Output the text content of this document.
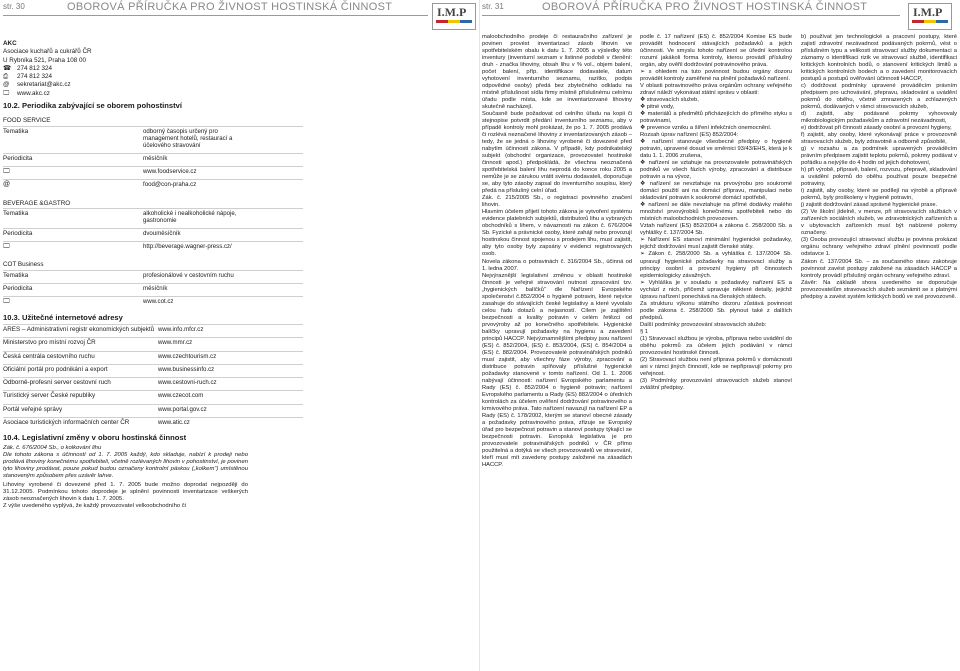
str. 30	OBOROVÁ PŘÍRUČKA PRO ŽIVNOST HOSTINSKÁ ČINNOST	I.M.P
AKC
Asociace kuchařů a cukrářů ČR
U Rybníka 521, Praha 108 00
☎ 274 812 324
⎙ 274 812 324
@ sekretariat@akc.cz
🖵 www.akc.cz
10.2. Periodika zabývající se oborem pohostinství
FOOD SERVICE
Tematika	odborný časopis určený pro management hotelů, restaurací a účelového stravování
Periodicita	měsíčník
🖵	www.foodservice.cz
@	food@con-praha.cz
BEVERAGE &GASTRO
Tematika	alkoholické i nealkoholické nápoje, gastronomie
Periodicita	dvouměsíčník
🖵	http://beverage.wagner-press.cz/
COT Business
Tematika	profesionálové v cestovním ruchu
Periodicita	měsíčník
🖵	www.cot.cz
10.3. Užitečné internetové adresy
ARES – Administrativní registr ekonomických subjektů www.info.mfcr.cz
Ministerstvo pro místní rozvoj ČR	www.mmr.cz
Česká centrála cestovního ruchu	www.czechtourism.cz
Oficiální portál pro podnikání a export	www.businessinfo.cz
Odborně-profesní server cestovní ruch	www.cestovni-ruch.cz
Turistický server České republiky	www.czecot.com
Portál veřejné správy	www.portal.gov.cz
Asociace turistických informačních center ČR	www.atic.cz
10.4. Legislativní změny v oboru hostinská činnost

Zák. č. 676/2004 Sb., o kolkování lihu
Dle tohoto zákona s účinností od 1. 7. 2005 každý, kdo skladuje, nabízí k prodeji nebo prodává lihoviny konečnému spotřebiteli, včetně rozlévaných lihovin v pohostinství, je povinen tyto lihoviny prodávat, pouze pokud budou označeny kontrolní páskou („kolkem“) umístěnou stanoveným způsobem přes uzávěr lahve.

Lihoviny vyrobené či dovezené před 1. 7. 2005 bude možno doprodat nejpozději do 31.12.2005. Podmínkou tohoto doprodeje je splnění povinnosti inventarizace veškerých zásob neoznačených lihovin k datu 1. 7. 2005.
Z výše uvedeného vyplývá, že každý provozovatel velkoobchodního či

str. 31	OBOROVÁ PŘÍRUČKA PRO ŽIVNOST HOSTINSKÁ ČINNOST	I.M.P

maloobchodního prodeje či restauračního zařízení je povinen provést inventarizaci zásob lihovin ve spotřebitelském obalu k datu 1. 7. 2005 a výsledky této inventury (inventurní seznam v listinné podobě v členění: druh - značka lihoviny, obsah lihu v % vol., objem balení, počet balení, příp. identifikace dodavatele, datum vyhotovení inventurního seznamu, razítko, podpis odpovědné osoby) předá bez zbytečného odkladu na místně příslušnost sídla firmy místně příslušnému celnímu úřadu podle místa, kde se inventarizované lihoviny skutečně nacházejí.
Současně bude požadovat od celního úřadu na kopii či stejnopise potvrdit předání inventurního seznamu, aby v případě kontroly mohl prokázat, že po 1. 7. 2005 prodává či rozlévá neznačené lihoviny z inventarizovaných zásob – tedy, že se jedná o lihoviny vyrobené či dovezené před nabytím účinnosti zákona. V případě, kdy podnikatelský subjekt (obchodní organizace, provozovatel hostinské činnosti apod.) předpokládá, že všechna neoznačená spotřebitelská balení lihu neprodá do konce roku 2005 a nemůže je se zárukou vrátit svému dodavateli, doporučuje se, aby tyto zásoby zapsal do inventurního soupisu, který předá na příslušný celní úřad.
Zák. č. 215/2005 Sb., o registraci povinného značení lihovin.
Hlavním účelem přijetí tohoto zákona je vytvoření systému evidence platebních subjektů, distributorů lihu a vybraných obchodníků s lihem, v návaznosti na zákon č. 676/2004 Sb. Fyzické a právnické osoby, které zahájí nebo provozují hostinskou činnost spojenou s prodejem lihu, musí zajistit, aby tyto osoby byly zapsány v evidenci registrovaných osob.
Novela zákona o potravinách č. 316/2004 Sb., účinná od 1. ledna 2007.
Nejvýraznější legislativní změnou v oblasti hostinské činnosti je veřejné stravování nutnost zpracování tzv. „hygienických balíčků“ dle Nařízení Evropského společenství č.852/2004 o hygieně potravin, které nejvíce zasahuje do stávajících české legislativy a které vyvolalo celou řadu dotazů a nejasností. Cílem je zajištění bezpečnosti a kvality potravin v celém řetězci od prvovýroby až po konečného spotřebitele. Hygienické balíčky upravují požadavky na hygienu a zavedení principů HACCP. Nejvýznamnějšími předpisy jsou nařízení (ES) č. 852/2004, (ES) č. 853/2004, (ES) č. 854/2004 a (ES) č. 882/2004. Provozovatelé potravinářských podniků musí zajistit, aby všechny fáze výroby, zpracování a distribuce potravin splňovaly příslušné hygienické požadavky stanovené v tomto nařízení. Od 1. 1. 2006 nabývají účinnosti: nařízení Evropského parlamentu a Rady (ES) č. 852/2004 o hygieně potravin; nařízení Evropského parlamentu a Rady (ES) 882/2004 o úředních kontrolách za účelem ověření dodržování potravinového a krmivového práva. Tato nařízení navazují na nařízení EP a Rady (ES) č. 178/2002, kterým se stanoví obecné zásady a požadavky potravinového práva, zřizuje se Evropský úřad pro bezpečnost potravin a stanoví postupy týkající se bezpečnosti potravin. Evropská legislativa je pro provozovatele potravinářských podniků v ČR přímo použitelná a dotýká se všech provozovatelů ve stravování, kteří musí mít zavedeny postupy založené na zásadách HACCP.

podle č. 17 nařízení (ES) č. 852/2004 Komise ES bude provádět hodnocení stávajících požadavků a jejich účinnosti. Ve smyslu tohoto nařízení se úřední kontrolou rozumí jakákoli forma kontroly, kterou provádí příslušný orgán, aby ověřil dodržování potravinového práva.
➢ s ohledem na tuto povinnost budou orgány dozoru provádět kontroly zaměřené na plnění požadavků nařízení.
V oblasti potravinového práva orgánům ochrany veřejného zdraví náleží vykonávat státní správu v oblasti:
❖ stravovacích služeb,
❖ pitné vody,
❖ materiálů a předmětů přicházejících do přímého styku s potravinami,
❖ prevence vzniku a šíření infekčních onemocnění.
Rozsah úprav nařízení (ES) 852/2004:
❖ nařízení stanovuje všeobecné předpisy o hygieně potravin, upravené dosud ve směrnici 93/43/EHS, která je k datu 1. 1. 2006 zrušena,
❖ nařízení se vztahuje na provozovatele potravinářských podniků ve všech fázích výroby, zpracování a distribuce potravin a na vývoz,
❖ nařízení se nevztahuje na prvovýrobu pro soukromé domácí použití ani na domácí přípravu, manipulaci nebo skladování potravin k soukromé domácí spotřebě,
❖ nařízení se dále nevztahuje na přímé dodávky malého množství prvovýrobků konečnému spotřebiteli nebo do místních maloobchodních provozoven.
Vztah nařízení (ES) 852/2004 a zákona č. 258/2000 Sb. a vyhlášky č. 137/2004 Sb.
➢ Nařízení ES stanoví minimální hygienické požadavky, jejichž dodržování musí zajistit členské státy.
➢ Zákon č. 258/2000 Sb. a vyhláška č. 137/2004 Sb. upravují hygienické požadavky na stravovací služby a principy osobní a provozní hygieny při činnostech epidemiologicky závažných.
➢ Vyhláška je v souladu s požadavky nařízení ES a vychází z nich, přičemž upravuje některé detaily, jejichž úpravu nařízení ponechává na členských státech.
Za strukturu výkonu státního dozoru zůstává povinnost podle zákona č. 258/2000 Sb. plynout také z dalších předpisů.
Další podmínky provozování stravovacích služeb:
§ 1
(1) Stravovací službou je výroba, příprava nebo uvádění do oběhu pokrmů za účelem jejich podávání v rámci provozování hostinské činnosti.
(2) Stravovací službou není příprava pokrmů v domácnosti ani v rámci jiných činností, kde se nepřipravují pokrmy pro veřejnost.
(3) Podmínky provozování stravovacích služeb stanoví zvláštní předpisy.

b) používat jen technologické a pracovní postupy, které zajistí zdravotní nezávadnost podávaných pokrmů, vést o příslušném typu a velikosti stravovací služby dokumentaci a záznamy o identifikaci rizik ve stravovací službě, identifikaci kritických kontrolních bodů, o stanovení kritických limitů a kritických kontrolních bodech a o zavedení monitorovacích postupů a postupů ověřování účinnosti HACCP,
c) dodržovat podmínky upravené prováděcím právním předpisem pro uchovávání, přepravu, skladování a uvádění pokrmů do oběhu, včetně zmrazených a zchlazených pokrmů, dodávaných v rámci stravovacích služeb,
d) zajistit, aby podávané pokrmy vyhovovaly mikrobiologickým požadavkům a zdravotní nezávadnosti,
e) dodržovat při činnosti zásady osobní a provozní hygieny,
f) zajistit, aby osoby, které vykonávají práce v provozovně stravovacích služeb, byly zdravotně a odborně způsobilé,
g) v rozsahu a za podmínek upravených prováděcím právním předpisem zajistit teplotu pokrmů, pokrmy podávat v pořádku a nejvýše do 4 hodin od jejich dohotovení,
h) při výrobě, přípravě, balení, rozvozu, přepravě, skladování a uvádění pokrmů do oběhu používat pouze bezpečné potraviny,
i) zajistit, aby osoby, které se podílejí na výrobě a přípravě pokrmů, byly proškoleny v hygieně potravin,
j) zajistit dodržování zásad správné hygienické praxe.
(2) Ve školní jídelně, v menze, při stravovacích službách v zařízeních sociálních služeb, ve zdravotnických zařízeních a v ubytovacích zařízeních musí být nabízené pokrmy označeny.
(3) Osoba provozující stravovací službu je povinna prokázat orgánu ochrany veřejného zdraví plnění povinností podle odstavce 1.
Zákon č. 137/2004 Sb. – za současného stavu zakotvuje povinnost zavést postupy založené na zásadách HACCP a kontroly provádí příslušný orgán ochrany veřejného zdraví.
Závěr: Na základě shora uvedeného se doporučuje provozovatelům stravovacích služeb seznámit se s platnými předpisy a zavést systém kritických bodů ve své provozovně.
